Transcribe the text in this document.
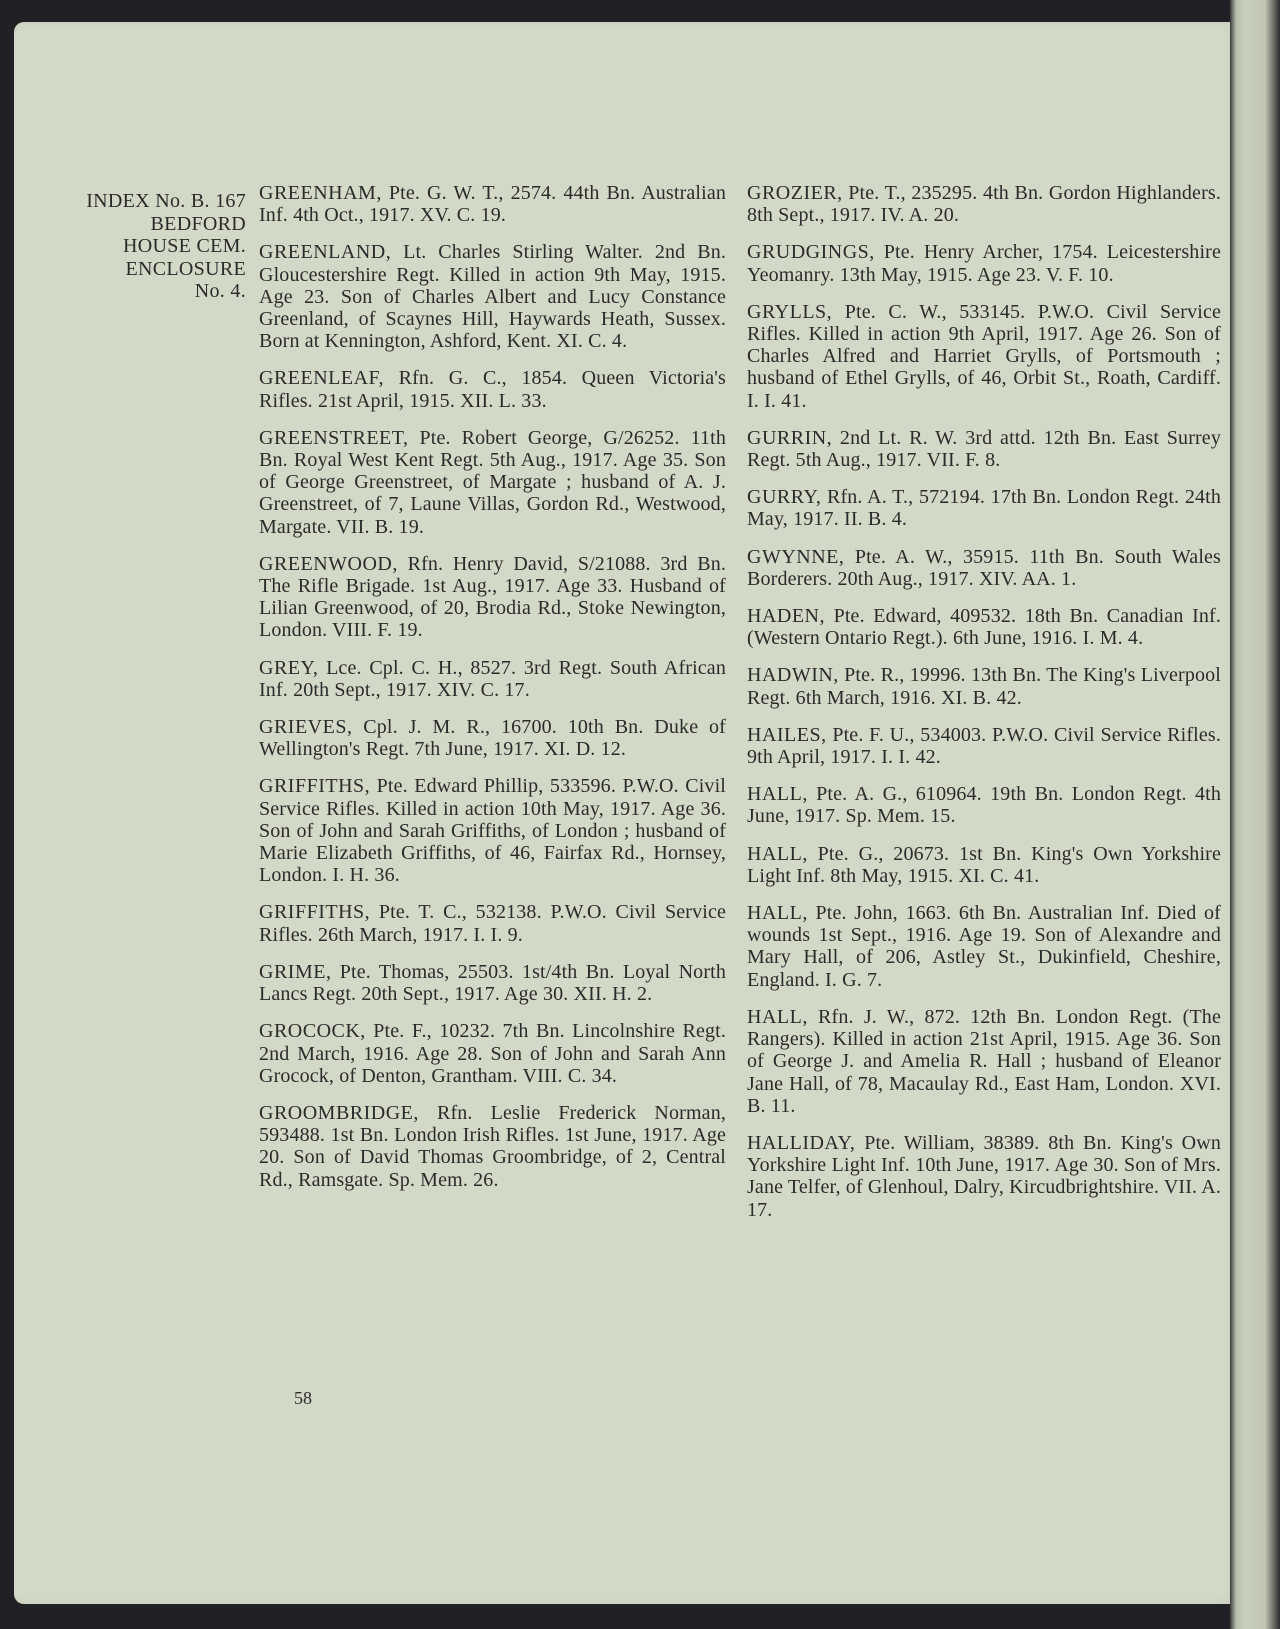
INDEX No. B. 167
BEDFORD
HOUSE CEM.
ENCLOSURE
No. 4.

GREENHAM, Pte. G. W. T., 2574. 44th Bn. Australian Inf. 4th Oct., 1917. XV. C. 19.

GREENLAND, Lt. Charles Stirling Walter. 2nd Bn. Gloucestershire Regt. Killed in action 9th May, 1915. Age 23. Son of Charles Albert and Lucy Constance Greenland, of Scaynes Hill, Haywards Heath, Sussex. Born at Kennington, Ashford, Kent. XI. C. 4.

GREENLEAF, Rfn. G. C., 1854. Queen Victoria's Rifles. 21st April, 1915. XII. L. 33.

GREENSTREET, Pte. Robert George, G/26252. 11th Bn. Royal West Kent Regt. 5th Aug., 1917. Age 35. Son of George Greenstreet, of Margate ; husband of A. J. Greenstreet, of 7, Laune Villas, Gordon Rd., Westwood, Margate. VII. B. 19.

GREENWOOD, Rfn. Henry David, S/21088. 3rd Bn. The Rifle Brigade. 1st Aug., 1917. Age 33. Husband of Lilian Greenwood, of 20, Brodia Rd., Stoke Newington, London. VIII. F. 19.

GREY, Lce. Cpl. C. H., 8527. 3rd Regt. South African Inf. 20th Sept., 1917. XIV. C. 17.

GRIEVES, Cpl. J. M. R., 16700. 10th Bn. Duke of Wellington's Regt. 7th June, 1917. XI. D. 12.

GRIFFITHS, Pte. Edward Phillip, 533596. P.W.O. Civil Service Rifles. Killed in action 10th May, 1917. Age 36. Son of John and Sarah Griffiths, of London ; husband of Marie Elizabeth Griffiths, of 46, Fairfax Rd., Hornsey, London. I. H. 36.

GRIFFITHS, Pte. T. C., 532138. P.W.O. Civil Service Rifles. 26th March, 1917. I. I. 9.

GRIME, Pte. Thomas, 25503. 1st/4th Bn. Loyal North Lancs Regt. 20th Sept., 1917. Age 30. XII. H. 2.

GROCOCK, Pte. F., 10232. 7th Bn. Lincolnshire Regt. 2nd March, 1916. Age 28. Son of John and Sarah Ann Grocock, of Denton, Grantham. VIII. C. 34.

GROOMBRIDGE, Rfn. Leslie Frederick Norman, 593488. 1st Bn. London Irish Rifles. 1st June, 1917. Age 20. Son of David Thomas Groombridge, of 2, Central Rd., Ramsgate. Sp. Mem. 26.

GROZIER, Pte. T., 235295. 4th Bn. Gordon Highlanders. 8th Sept., 1917. IV. A. 20.

GRUDGINGS, Pte. Henry Archer, 1754. Leicestershire Yeomanry. 13th May, 1915. Age 23. V. F. 10.

GRYLLS, Pte. C. W., 533145. P.W.O. Civil Service Rifles. Killed in action 9th April, 1917. Age 26. Son of Charles Alfred and Harriet Grylls, of Portsmouth ; husband of Ethel Grylls, of 46, Orbit St., Roath, Cardiff. I. I. 41.

GURRIN, 2nd Lt. R. W. 3rd attd. 12th Bn. East Surrey Regt. 5th Aug., 1917. VII. F. 8.

GURRY, Rfn. A. T., 572194. 17th Bn. London Regt. 24th May, 1917. II. B. 4.

GWYNNE, Pte. A. W., 35915. 11th Bn. South Wales Borderers. 20th Aug., 1917. XIV. AA. 1.

HADEN, Pte. Edward, 409532. 18th Bn. Canadian Inf. (Western Ontario Regt.). 6th June, 1916. I. M. 4.

HADWIN, Pte. R., 19996. 13th Bn. The King's Liverpool Regt. 6th March, 1916. XI. B. 42.

HAILES, Pte. F. U., 534003. P.W.O. Civil Service Rifles. 9th April, 1917. I. I. 42.

HALL, Pte. A. G., 610964. 19th Bn. London Regt. 4th June, 1917. Sp. Mem. 15.

HALL, Pte. G., 20673. 1st Bn. King's Own Yorkshire Light Inf. 8th May, 1915. XI. C. 41.

HALL, Pte. John, 1663. 6th Bn. Australian Inf. Died of wounds 1st Sept., 1916. Age 19. Son of Alexandre and Mary Hall, of 206, Astley St., Dukinfield, Cheshire, England. I. G. 7.

HALL, Rfn. J. W., 872. 12th Bn. London Regt. (The Rangers). Killed in action 21st April, 1915. Age 36. Son of George J. and Amelia R. Hall ; husband of Eleanor Jane Hall, of 78, Macaulay Rd., East Ham, London. XVI. B. 11.

HALLIDAY, Pte. William, 38389. 8th Bn. King's Own Yorkshire Light Inf. 10th June, 1917. Age 30. Son of Mrs. Jane Telfer, of Glenhoul, Dalry, Kircudbrightshire. VII. A. 17.

58
